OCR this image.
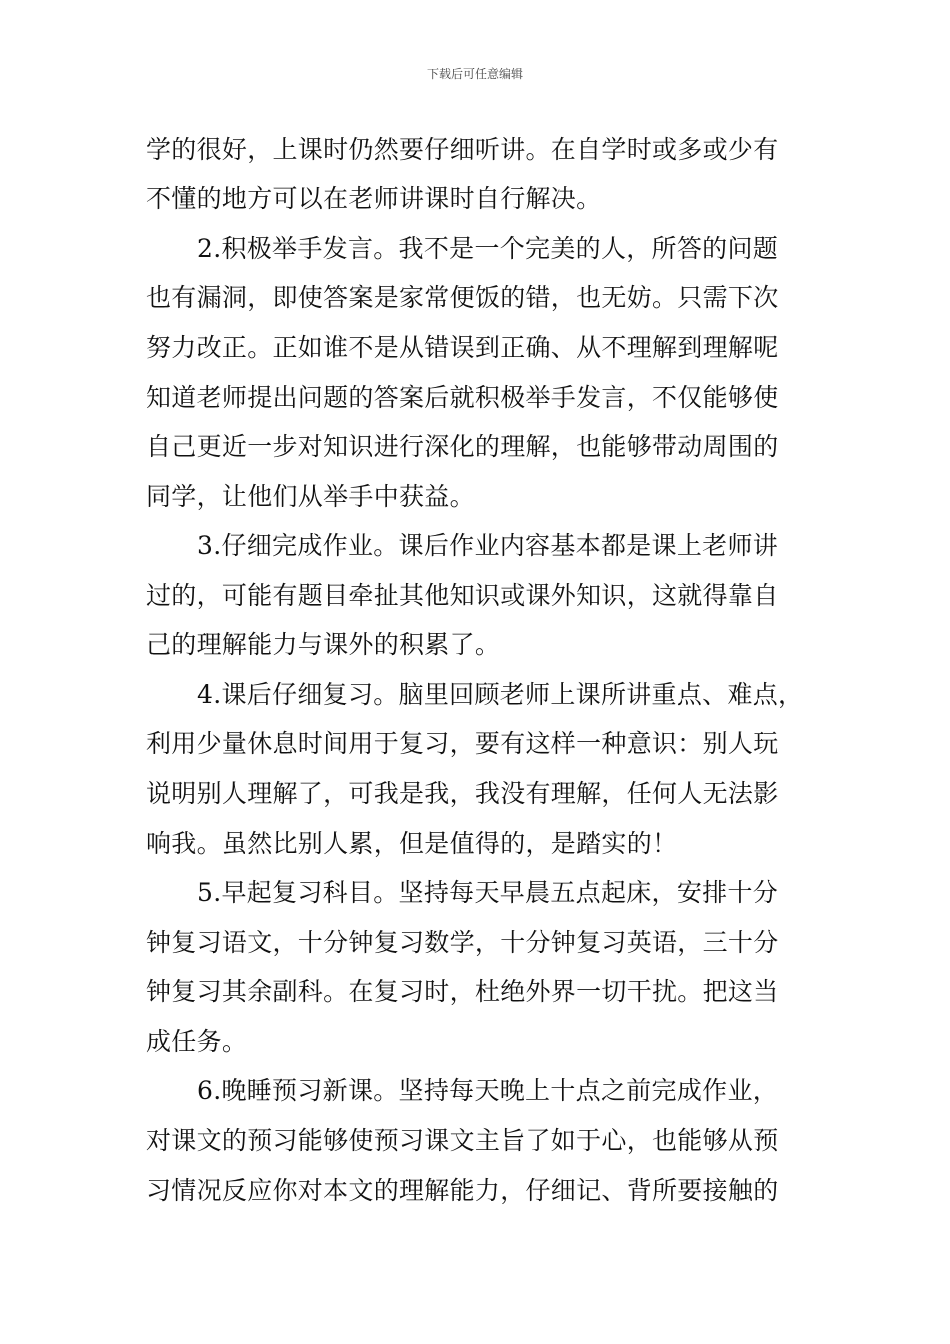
下载后可任意编辑
学的很好，上课时仍然要仔细听讲。在自学时或多或少有
不懂的地方可以在老师讲课时自行解决。
2.积极举手发言。我不是一个完美的人，所答的问题
也有漏洞，即使答案是家常便饭的错，也无妨。只需下次
努力改正。正如谁不是从错误到正确、从不理解到理解呢
知道老师提出问题的答案后就积极举手发言，不仅能够使
自己更近一步对知识进行深化的理解，也能够带动周围的
同学，让他们从举手中获益。
3.仔细完成作业。课后作业内容基本都是课上老师讲
过的，可能有题目牵扯其他知识或课外知识，这就得靠自
己的理解能力与课外的积累了。
4.课后仔细复习。脑里回顾老师上课所讲重点、难点，
利用少量休息时间用于复习，要有这样一种意识：别人玩
说明别人理解了，可我是我，我没有理解，任何人无法影
响我。虽然比别人累，但是值得的，是踏实的！
5.早起复习科目。坚持每天早晨五点起床，安排十分
钟复习语文，十分钟复习数学，十分钟复习英语，三十分
钟复习其余副科。在复习时，杜绝外界一切干扰。把这当
成任务。
6.晚睡预习新课。坚持每天晚上十点之前完成作业，
对课文的预习能够使预习课文主旨了如于心，也能够从预
习情况反应你对本文的理解能力，仔细记、背所要接触的
